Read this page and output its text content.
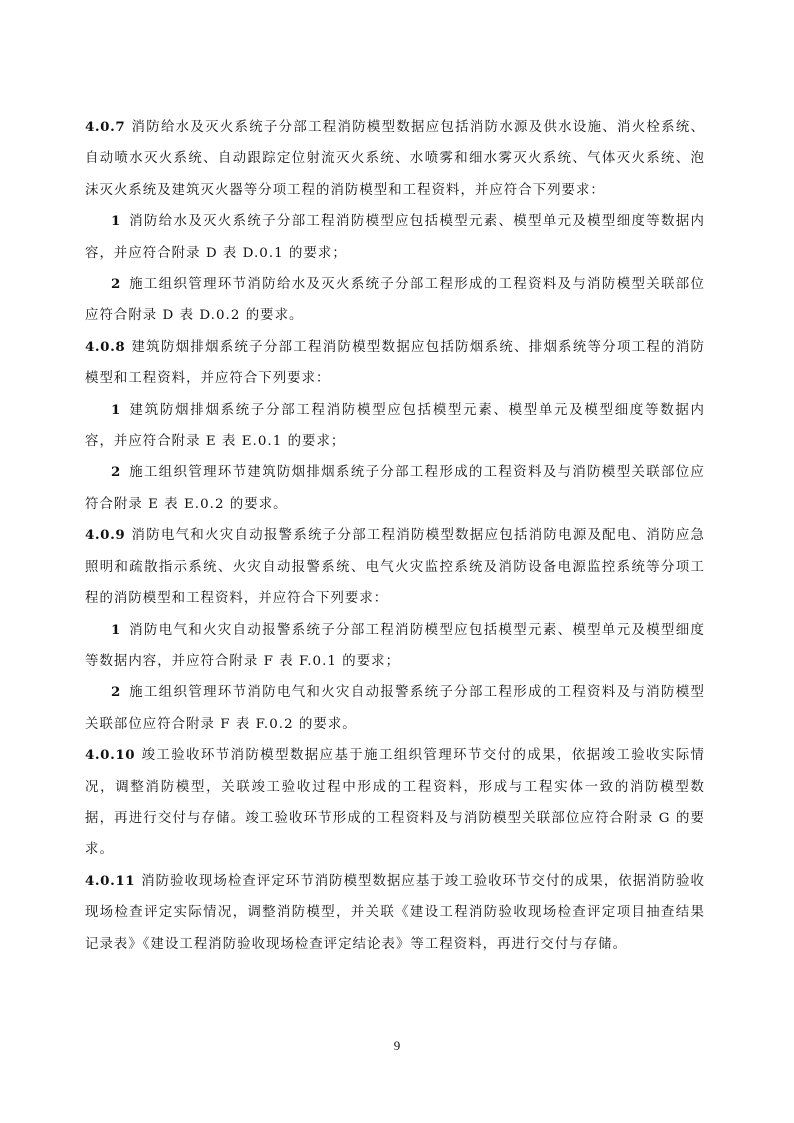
4.0.7 消防给水及灭火系统子分部工程消防模型数据应包括消防水源及供水设施、消火栓系统、自动喷水灭火系统、自动跟踪定位射流灭火系统、水喷雾和细水雾灭火系统、气体灭火系统、泡沫灭火系统及建筑灭火器等分项工程的消防模型和工程资料，并应符合下列要求：

1 消防给水及灭火系统子分部工程消防模型应包括模型元素、模型单元及模型细度等数据内容，并应符合附录 D 表 D.0.1 的要求；

2 施工组织管理环节消防给水及灭火系统子分部工程形成的工程资料及与消防模型关联部位应符合附录 D 表 D.0.2 的要求。

4.0.8 建筑防烟排烟系统子分部工程消防模型数据应包括防烟系统、排烟系统等分项工程的消防模型和工程资料，并应符合下列要求：

1 建筑防烟排烟系统子分部工程消防模型应包括模型元素、模型单元及模型细度等数据内容，并应符合附录 E 表 E.0.1 的要求；

2 施工组织管理环节建筑防烟排烟系统子分部工程形成的工程资料及与消防模型关联部位应符合附录 E 表 E.0.2 的要求。

4.0.9 消防电气和火灾自动报警系统子分部工程消防模型数据应包括消防电源及配电、消防应急照明和疏散指示系统、火灾自动报警系统、电气火灾监控系统及消防设备电源监控系统等分项工程的消防模型和工程资料，并应符合下列要求：

1 消防电气和火灾自动报警系统子分部工程消防模型应包括模型元素、模型单元及模型细度等数据内容，并应符合附录 F 表 F.0.1 的要求；

2 施工组织管理环节消防电气和火灾自动报警系统子分部工程形成的工程资料及与消防模型关联部位应符合附录 F 表 F.0.2 的要求。

4.0.10 竣工验收环节消防模型数据应基于施工组织管理环节交付的成果，依据竣工验收实际情况，调整消防模型，关联竣工验收过程中形成的工程资料，形成与工程实体一致的消防模型数据，再进行交付与存储。竣工验收环节形成的工程资料及与消防模型关联部位应符合附录 G 的要求。

4.0.11 消防验收现场检查评定环节消防模型数据应基于竣工验收环节交付的成果，依据消防验收现场检查评定实际情况，调整消防模型，并关联《建设工程消防验收现场检查评定项目抽查结果记录表》《建设工程消防验收现场检查评定结论表》等工程资料，再进行交付与存储。

9
